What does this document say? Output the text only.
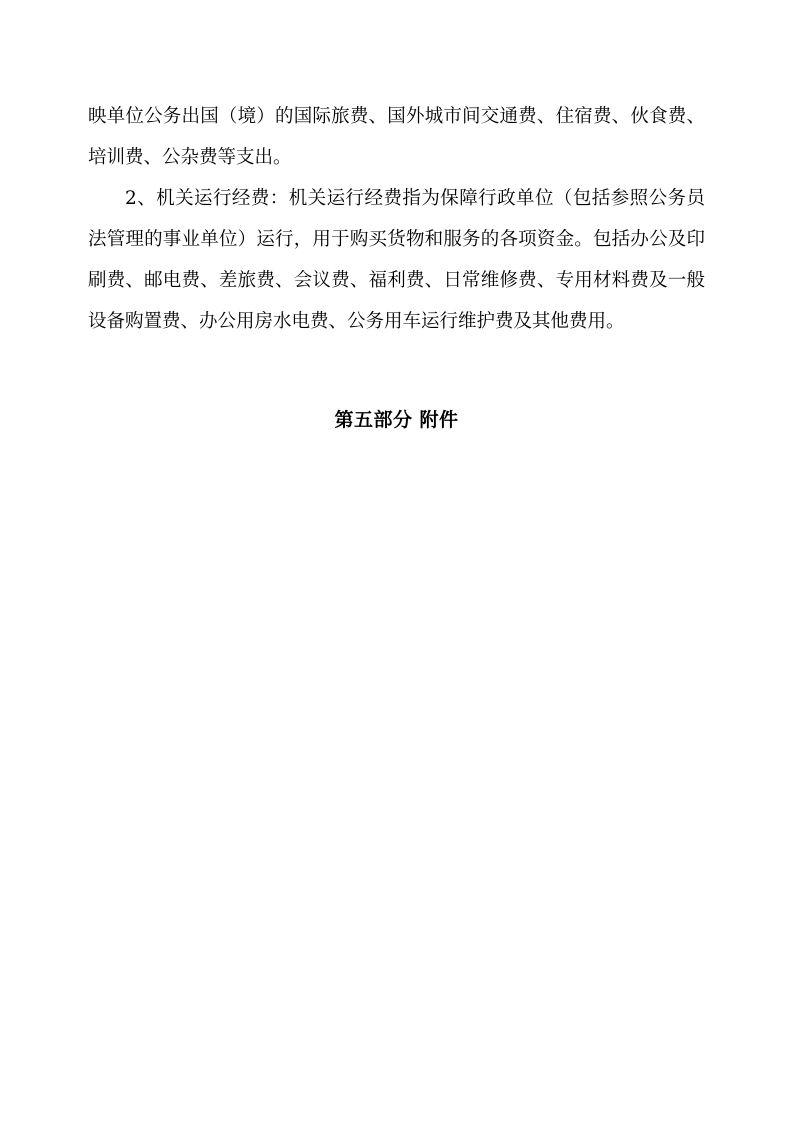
映单位公务出国（境）的国际旅费、国外城市间交通费、住宿费、伙食费、培训费、公杂费等支出。

2、机关运行经费：机关运行经费指为保障行政单位（包括参照公务员法管理的事业单位）运行，用于购买货物和服务的各项资金。包括办公及印刷费、邮电费、差旅费、会议费、福利费、日常维修费、专用材料费及一般设备购置费、办公用房水电费、公务用车运行维护费及其他费用。

第五部分 附件
